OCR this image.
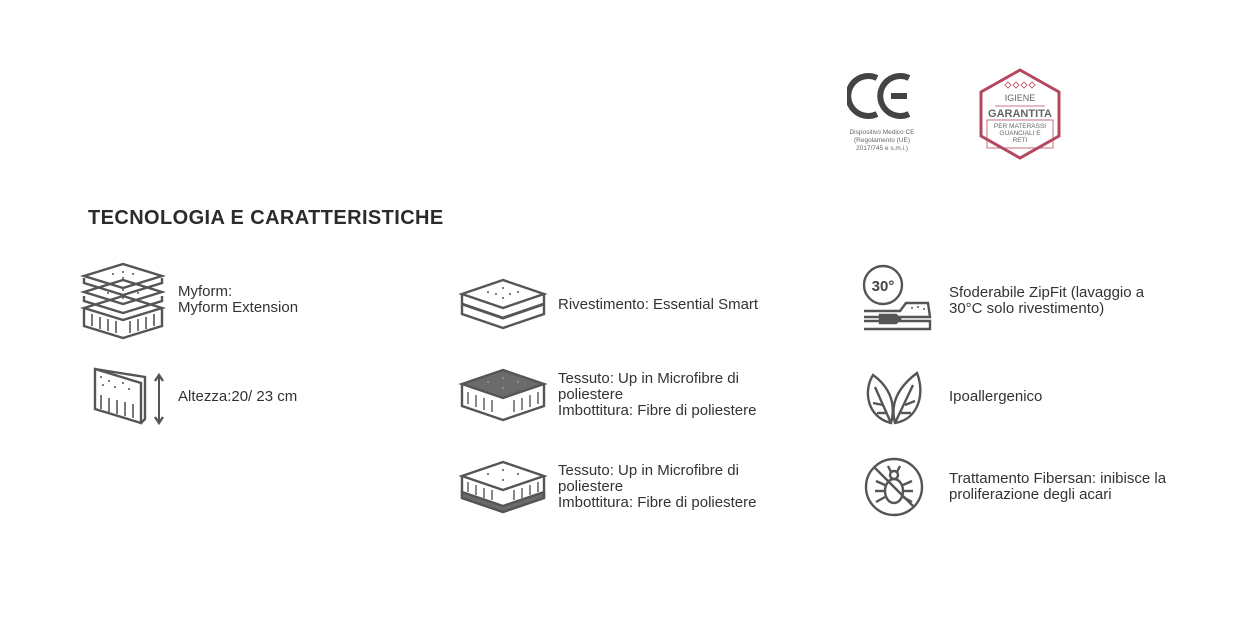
Dispositivo Medico CE
(Regolamento (UE)
2017/745 e s.m.i.)
IGIENE
GARANTITA
PER MATERASSI
GUANCIALI E
RETI
TECNOLOGIA E CARATTERISTICHE
Myform:
Myform Extension
Altezza:20/ 23 cm
Rivestimento: Essential Smart
Tessuto: Up in Microfibre di
poliestere
Imbottitura: Fibre di poliestere
Tessuto: Up in Microfibre di
poliestere
Imbottitura: Fibre di poliestere
30°	Sfoderabile ZipFit (lavaggio a
30°C solo rivestimento)
Ipoallergenico
Trattamento Fibersan: inibisce la
proliferazione degli acari
